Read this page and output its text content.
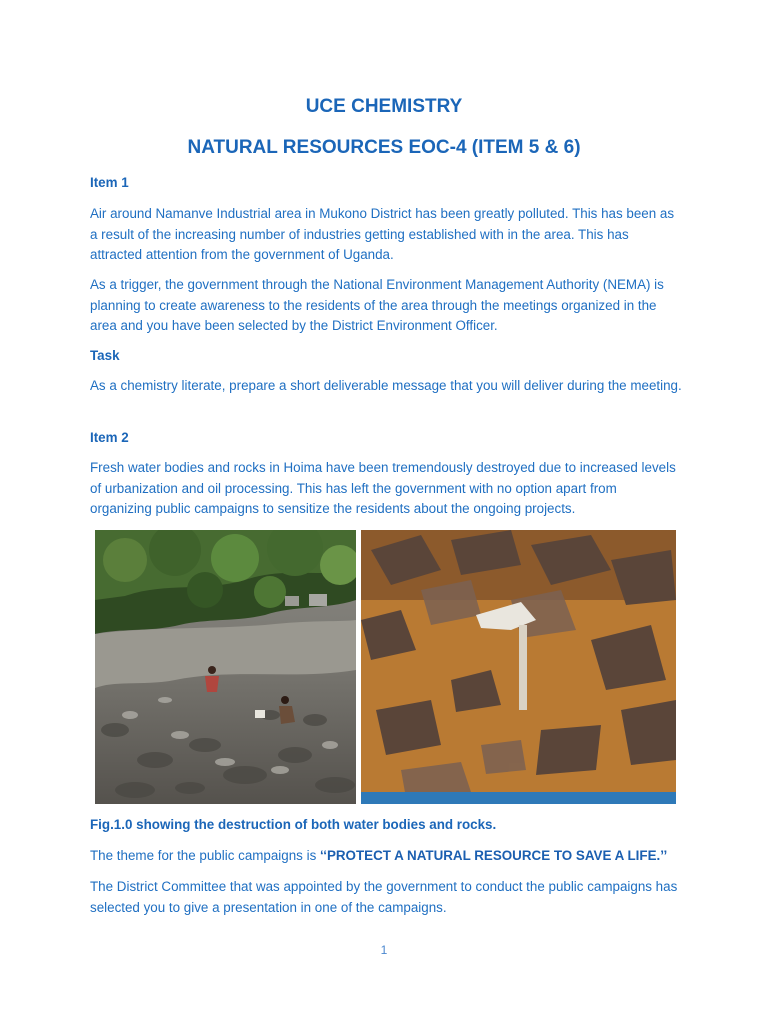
UCE CHEMISTRY
NATURAL RESOURCES EOC-4 (ITEM 5 & 6)

Item 1

Air around Namanve Industrial area in Mukono District has been greatly polluted. This has been as a result of the increasing number of industries getting established with in the area. This has attracted attention from the government of Uganda.

As a trigger, the government through the National Environment Management Authority (NEMA) is planning to create awareness to the residents of the area through the meetings organized in the area and you have been selected by the District Environment Officer.

Task

As a chemistry literate, prepare a short deliverable message that you will deliver during the meeting.

Item 2

Fresh water bodies and rocks in Hoima have been tremendously destroyed due to increased levels of urbanization and oil processing. This has left the government with no option apart from organizing public campaigns to sensitize the residents about the ongoing projects.

Fig.1.0 showing the destruction of both water bodies and rocks.

The theme for the public campaigns is ‘‘PROTECT A NATURAL RESOURCE TO SAVE A LIFE.’’

The District Committee that was appointed by the government to conduct the public campaigns has selected you to give a presentation in one of the campaigns.

1
